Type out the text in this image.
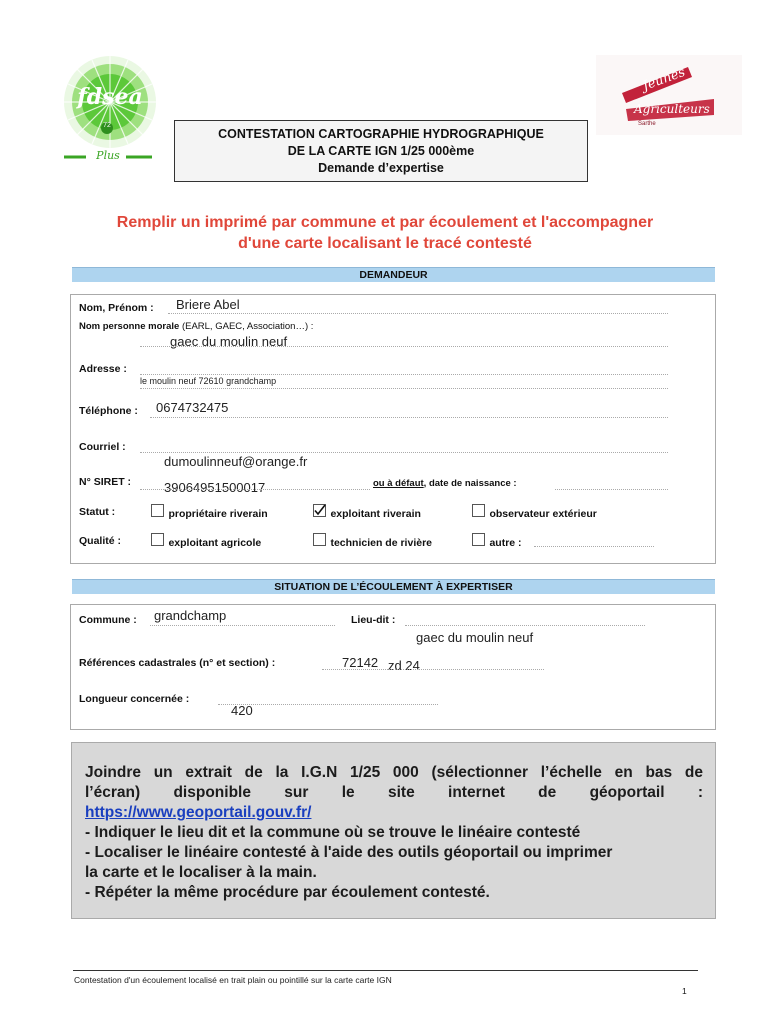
fdsea
72
Plus
Jeunes
Agriculteurs
Sarthe
CONTESTATION CARTOGRAPHIE HYDROGRAPHIQUE
DE LA CARTE IGN 1/25 000ème
Demande d’expertise
Remplir un imprimé par commune et par écoulement et l'accompagner
d'une carte localisant le tracé contesté
DEMANDEUR
Nom, Prénom : Briere Abel
Nom personne morale (EARL, GAEC, Association…) :
gaec du moulin neuf
Adresse :
le moulin neuf 72610 grandchamp
Téléphone : 0674732475
Courriel :
dumoulinneuf@orange.fr
N° SIRET :	39064951500017	ou à défaut, date de naissance :
Statut :	propriétaire riverain	exploitant riverain	observateur extérieur
Qualité :	exploitant agricole	technicien de rivière	autre :
SITUATION DE L’ÉCOULEMENT À EXPERTISER
Commune : grandchamp	Lieu-dit :
gaec du moulin neuf
Références cadastrales (n° et section) :	72142 zd 24
Longueur concernée :
420
Joindre un extrait de la I.G.N 1/25 000 (sélectionner l’échelle en bas de
l’écran) disponible sur le site internet de géoportail :
https://www.geoportail.gouv.fr/
- Indiquer le lieu dit et la commune où se trouve le linéaire contesté
- Localiser le linéaire contesté à l'aide des outils géoportail ou imprimer
la carte et le localiser à la main.
- Répéter la même procédure par écoulement contesté.
Contestation d'un écoulement localisé en trait plain ou pointillé sur la carte carte IGN
1
